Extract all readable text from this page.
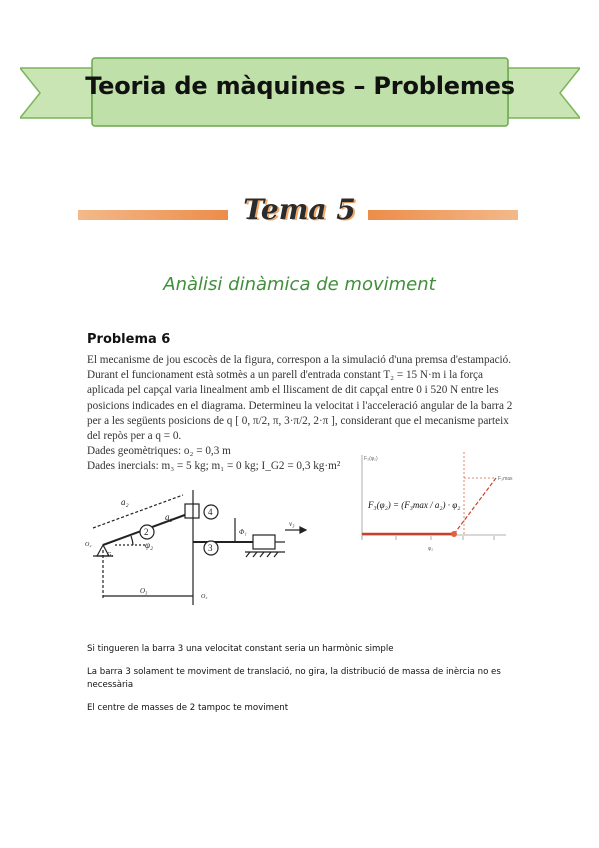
Teoria de màquines – Problemes
Tema 5
Anàlisi dinàmica de moviment
Problema 6
El mecanisme de jou escocès de la figura, correspon a la simulació d'una premsa d'estampació.
Durant el funcionament està sotmès a un parell d'entrada constant T₂ = 15 N·m i la força
aplicada pel capçal varia linealment amb el lliscament de dit capçal entre 0 i 520 N entre les
posicions indicades en el diagrama. Determineu la velocitat i l'acceleració angular de la barra 2
per a les següents posicions de q [ 0, π/2, π, 3·π/2, 2·π ], considerant que el mecanisme parteix
del repòs per a q = 0.
Dades geomètriques: o₂ = 0,3 m
Dades inercials: m₃ = 5 kg; m₁ = 0 kg; I_G2 = 0,3 kg·m²
a₂
a₂
φ₂
2
4
3
O₂
G₂
v₃
Φ₁
O₃
O₃
F₃(φ₂)
F₃max
φ₂
F₃(φ₂) = (F₃max / a₂) · φ₂

Si tingueren la barra 3 una velocitat constant seria un harmònic simple

La barra 3 solament te moviment de translació, no gira, la distribució de massa de inèrcia no es necessària

El centre de masses de 2 tampoc te moviment
